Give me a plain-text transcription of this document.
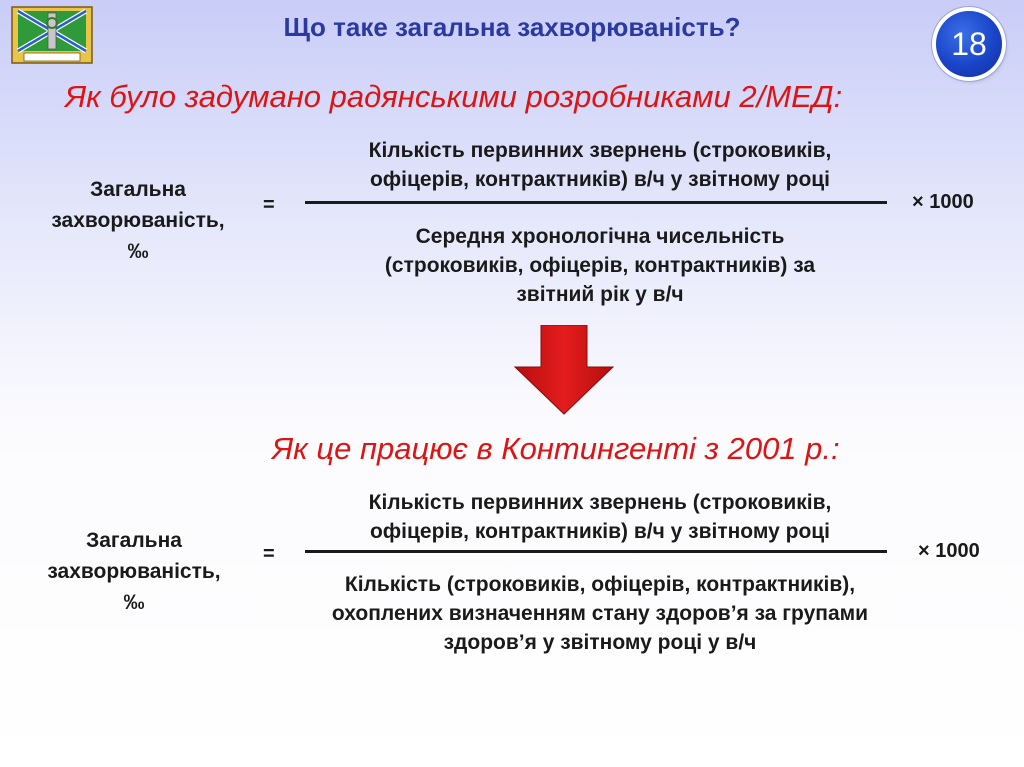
Що таке загальна захворюваність?	18
Як було задумано радянськими розробниками 2/МЕД:
Загальна
захворюваність,
‰
=
Кількість первинних звернень (строковиків,
офіцерів, контрактників) в/ч у звітному році
Середня хронологічна чисельність
(строковиків, офіцерів, контрактників) за
звітний рік у в/ч
× 1000
Як це працює в Контингенті з 2001 р.:
Загальна
захворюваність,
‰
=
Кількість первинних звернень (строковиків,
офіцерів, контрактників) в/ч у звітному році
Кількість (строковиків, офіцерів, контрактників),
охоплених визначенням стану здоров’я за групами
здоров’я у звітному році у в/ч
× 1000
